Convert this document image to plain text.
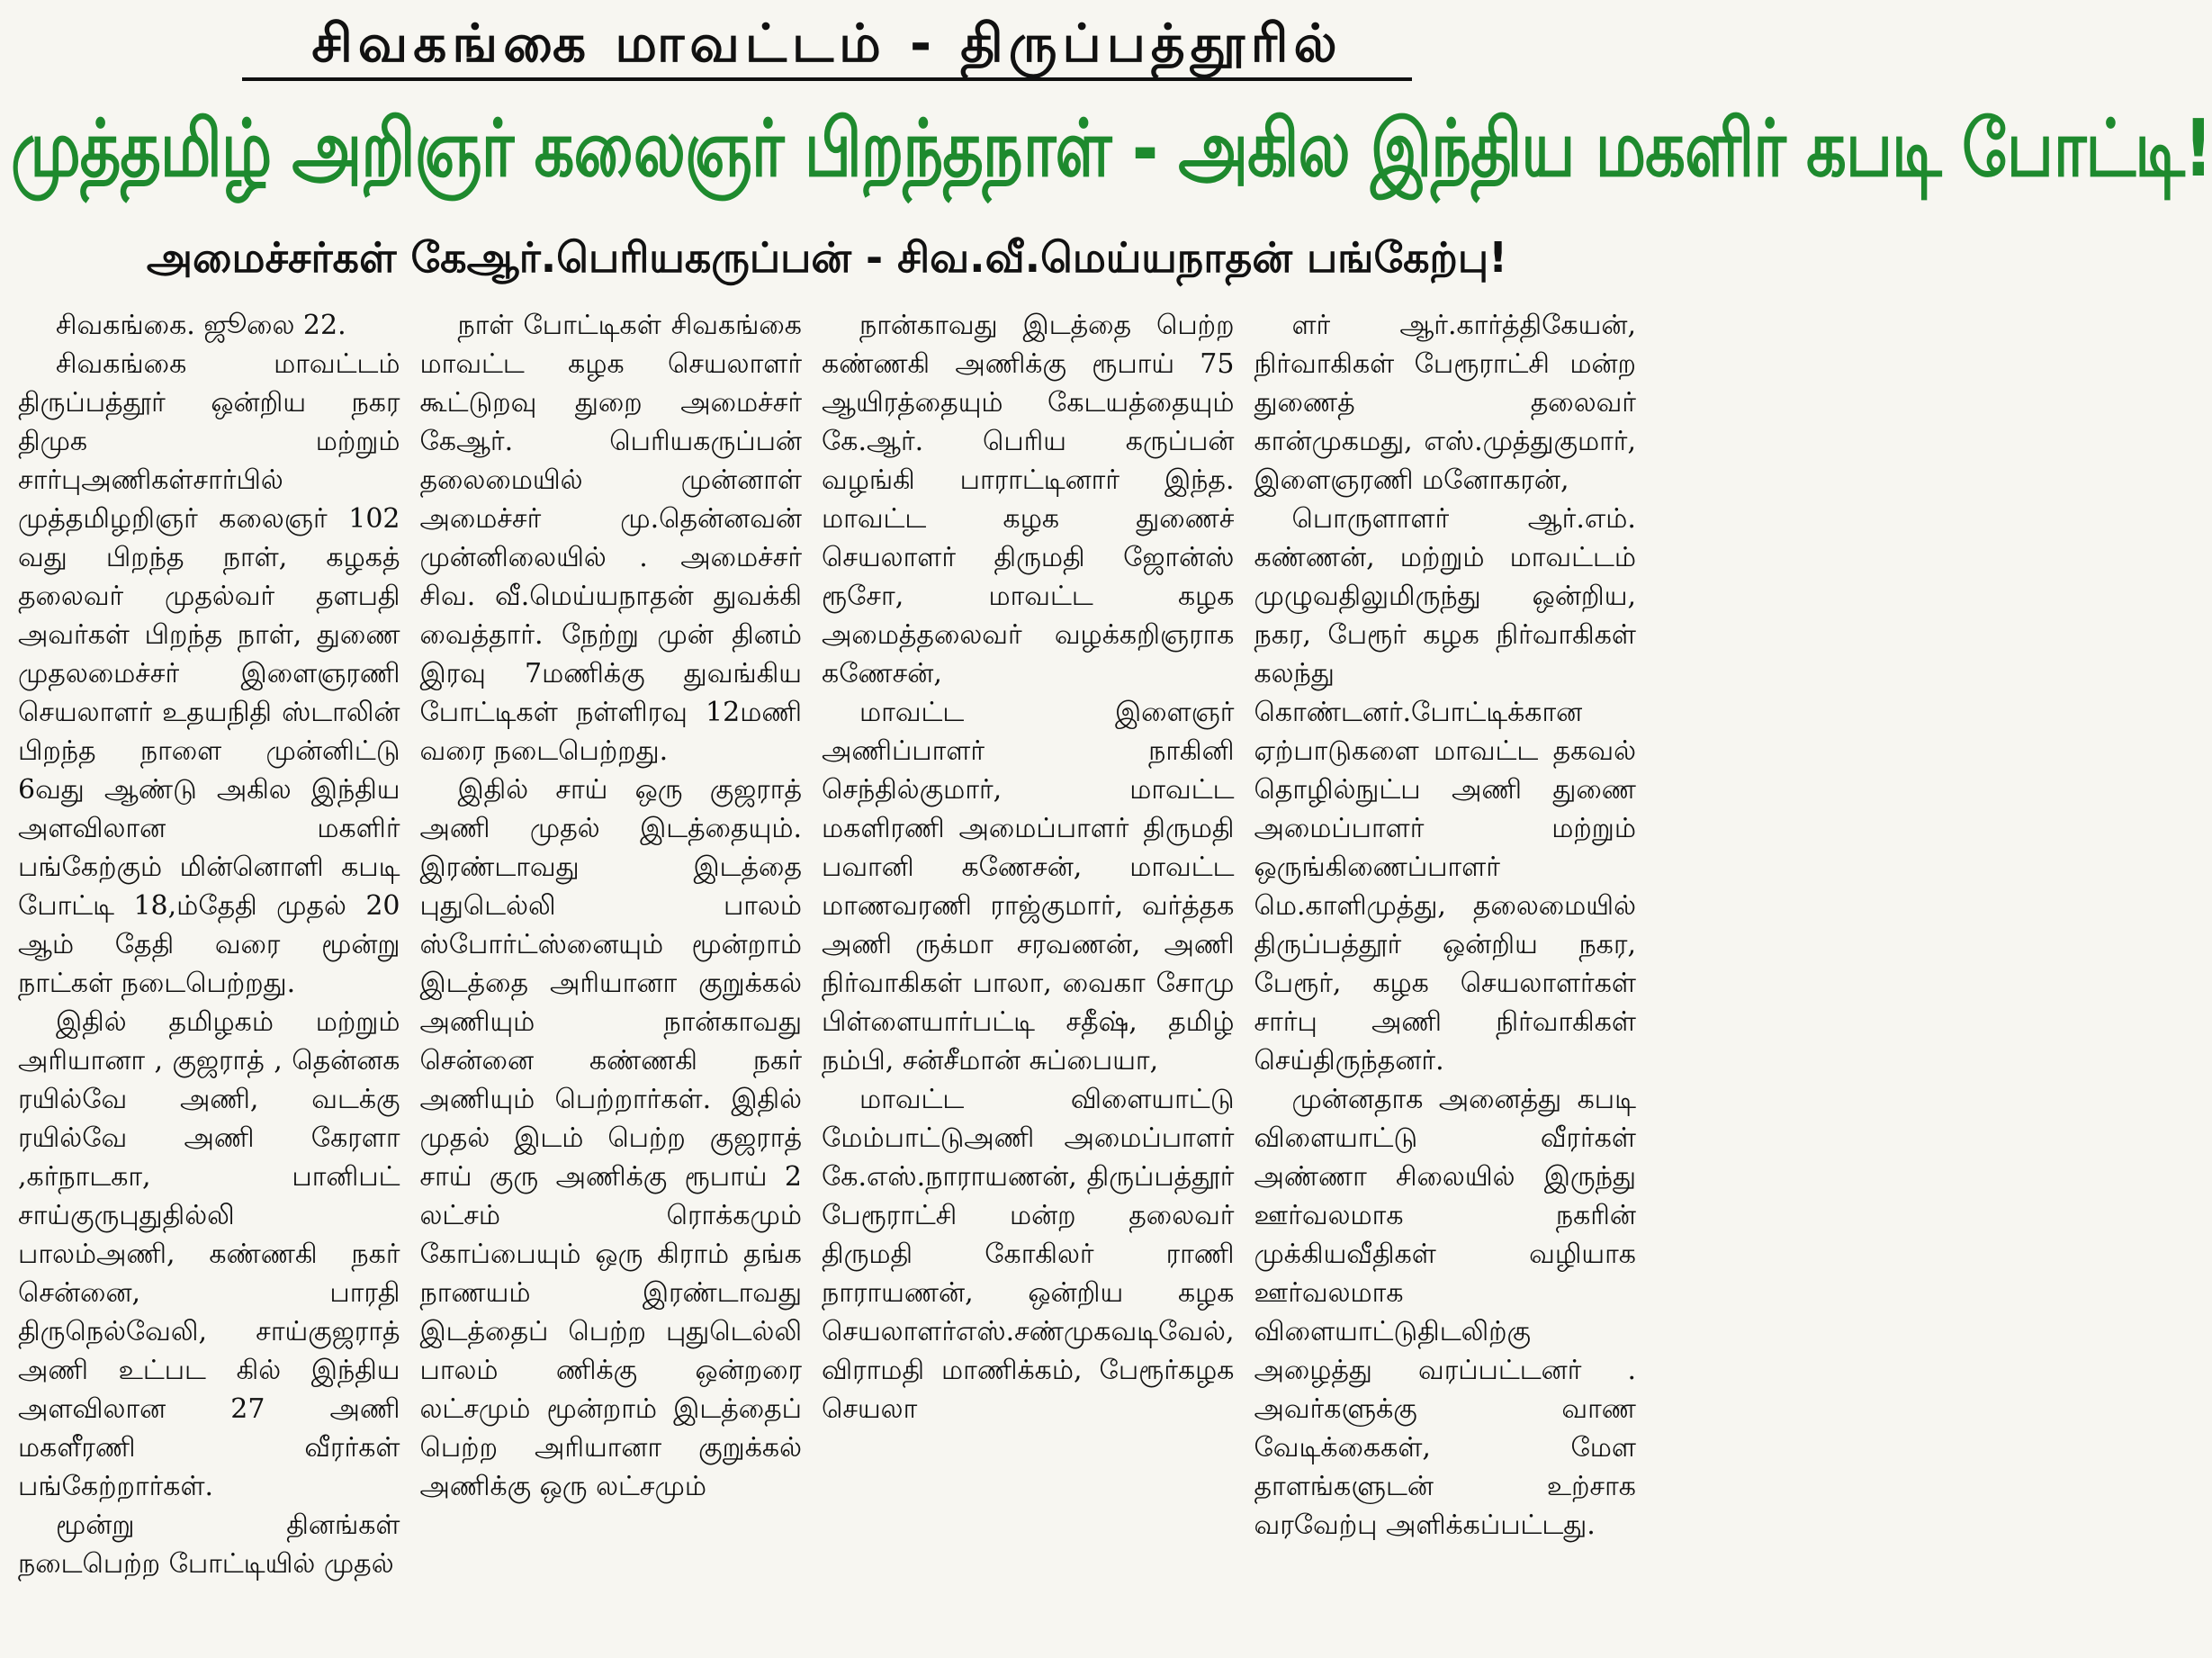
சிவகங்கை மாவட்டம் - திருப்பத்தூரில்
முத்தமிழ் அறிஞர் கலைஞர் பிறந்தநாள் - அகில இந்திய மகளிர் கபடி போட்டி!
அமைச்சர்கள் கேஆர்.பெரியகருப்பன் - சிவ.வீ.மெய்யநாதன் பங்கேற்பு!

சிவகங்கை. ஜூலை 22.

சிவகங்கை மாவட்டம் திருப்பத்தூர் ஒன்றிய நகர திமுக மற்றும் சார்புஅணிகள்சார்பில் முத்தமிழறிஞர் கலைஞர் 102 வது பிறந்த நாள், கழகத் தலைவர் முதல்வர் தளபதி அவர்கள் பிறந்த நாள், துணை முதலமைச்சர் இளைஞரணி செயலாளர் உதயநிதி ஸ்டாலின் பிறந்த நாளை முன்னிட்டு 6வது ஆண்டு அகில இந்திய அளவிலான மகளிர் பங்கேற்கும் மின்னொளி கபடி போட்டி 18,ம்தேதி முதல் 20 ஆம் தேதி வரை மூன்று நாட்கள் நடைபெற்றது.

இதில் தமிழகம் மற்றும் அரியானா , குஜராத் , தென்னக ரயில்வே அணி, வடக்கு ரயில்வே அணி கேரளா ,கர்நாடகா, பானிபட் சாய்குருபுதுதில்லி பாலம்அணி, கண்ணகி நகர் சென்னை, பாரதி திருநெல்வேலி, சாய்குஜராத் அணி உட்பட கில் இந்திய அளவிலான 27 அணி மகளீரணி வீரர்கள் பங்கேற்றார்கள்.

மூன்று தினங்கள் நடைபெற்ற போட்டியில் முதல்

நாள் போட்டிகள் சிவகங்கை மாவட்ட கழக செயலாளர் கூட்டுறவு துறை அமைச்சர் கேஆர். பெரியகருப்பன் தலைமையில் முன்னாள் அமைச்சர் மு.தென்னவன் முன்னிலையில் . அமைச்சர் சிவ. வீ.மெய்யநாதன் துவக்கி வைத்தார். நேற்று முன் தினம் இரவு 7மணிக்கு துவங்கிய போட்டிகள் நள்ளிரவு 12மணி வரை நடைபெற்றது.

இதில் சாய் ஒரு குஜராத் அணி முதல் இடத்தையும். இரண்டாவது இடத்தை புதுடெல்லி பாலம் ஸ்போர்ட்ஸ்னையும் மூன்றாம் இடத்தை அரியானா குறுக்கல் அணியும் நான்காவது சென்னை கண்ணகி நகர் அணியும் பெற்றார்கள். இதில் முதல் இடம் பெற்ற குஜராத் சாய் குரு அணிக்கு ரூபாய் 2 லட்சம் ரொக்கமும் கோப்பையும் ஒரு கிராம் தங்க நாணயம் இரண்டாவது இடத்தைப் பெற்ற புதுடெல்லி பாலம் ணிக்கு ஒன்றரை லட்சமும் மூன்றாம் இடத்தைப் பெற்ற அரியானா குறுக்கல் அணிக்கு ஒரு லட்சமும்

நான்காவது இடத்தை பெற்ற கண்ணகி அணிக்கு ரூபாய் 75 ஆயிரத்தையும் கேடயத்தையும் கே.ஆர். பெரிய கருப்பன் வழங்கி பாராட்டினார் இந்த. மாவட்ட கழக துணைச் செயலாளர் திருமதி ஜோன்ஸ் ரூசோ, மாவட்ட கழக அமைத்தலைவர் வழக்கறிஞராக கணேசன்,

மாவட்ட இளைஞர் அணிப்பாளர் நாகினி செந்தில்குமார், மாவட்ட மகளிரணி அமைப்பாளர் திருமதி பவானி கணேசன், மாவட்ட மாணவரணி ராஜ்குமார், வர்த்தக அணி ருக்மா சரவணன், அணி நிர்வாகிகள் பாலா, வைகா சோமு பிள்ளையார்பட்டி சதீஷ், தமிழ் நம்பி, சன்சீமான் சுப்பையா,

மாவட்ட விளையாட்டு மேம்பாட்டுஅணி அமைப்பாளர் கே.எஸ்.நாராயணன், திருப்பத்தூர் பேரூராட்சி மன்ற தலைவர் திருமதி கோகிலர் ராணி நாராயணன், ஒன்றிய கழக செயலாளர்எஸ்.சண்முகவடிவேல், விராமதி மாணிக்கம், பேரூர்கழக செயலா

ளர் ஆர்.கார்த்திகேயன், நிர்வாகிகள் பேரூராட்சி மன்ற துணைத் தலைவர் கான்முகமது, எஸ்.முத்துகுமார், இளைஞரணி மனோகரன்,

பொருளாளர் ஆர்.எம். கண்ணன், மற்றும் மாவட்டம் முழுவதிலுமிருந்து ஒன்றிய, நகர, பேரூர் கழக நிர்வாகிகள் கலந்து கொண்டனர்.போட்டிக்கான ஏற்பாடுகளை மாவட்ட தகவல் தொழில்நுட்ப அணி துணை அமைப்பாளர் மற்றும் ஒருங்கிணைப்பாளர் மெ.காளிமுத்து, தலைமையில் திருப்பத்தூர் ஒன்றிய நகர, பேரூர், கழக செயலாளர்கள் சார்பு அணி நிர்வாகிகள் செய்திருந்தனர்.

முன்னதாக அனைத்து கபடி விளையாட்டு வீரர்கள் அண்ணா சிலையில் இருந்து ஊர்வலமாக நகரின் முக்கியவீதிகள் வழியாக ஊர்வலமாக விளையாட்டுதிடலிற்கு அழைத்து வரப்பட்டனர் . அவர்களுக்கு வாண வேடிக்கைகள், மேள தாளங்களுடன் உற்சாக வரவேற்பு அளிக்கப்பட்டது.
